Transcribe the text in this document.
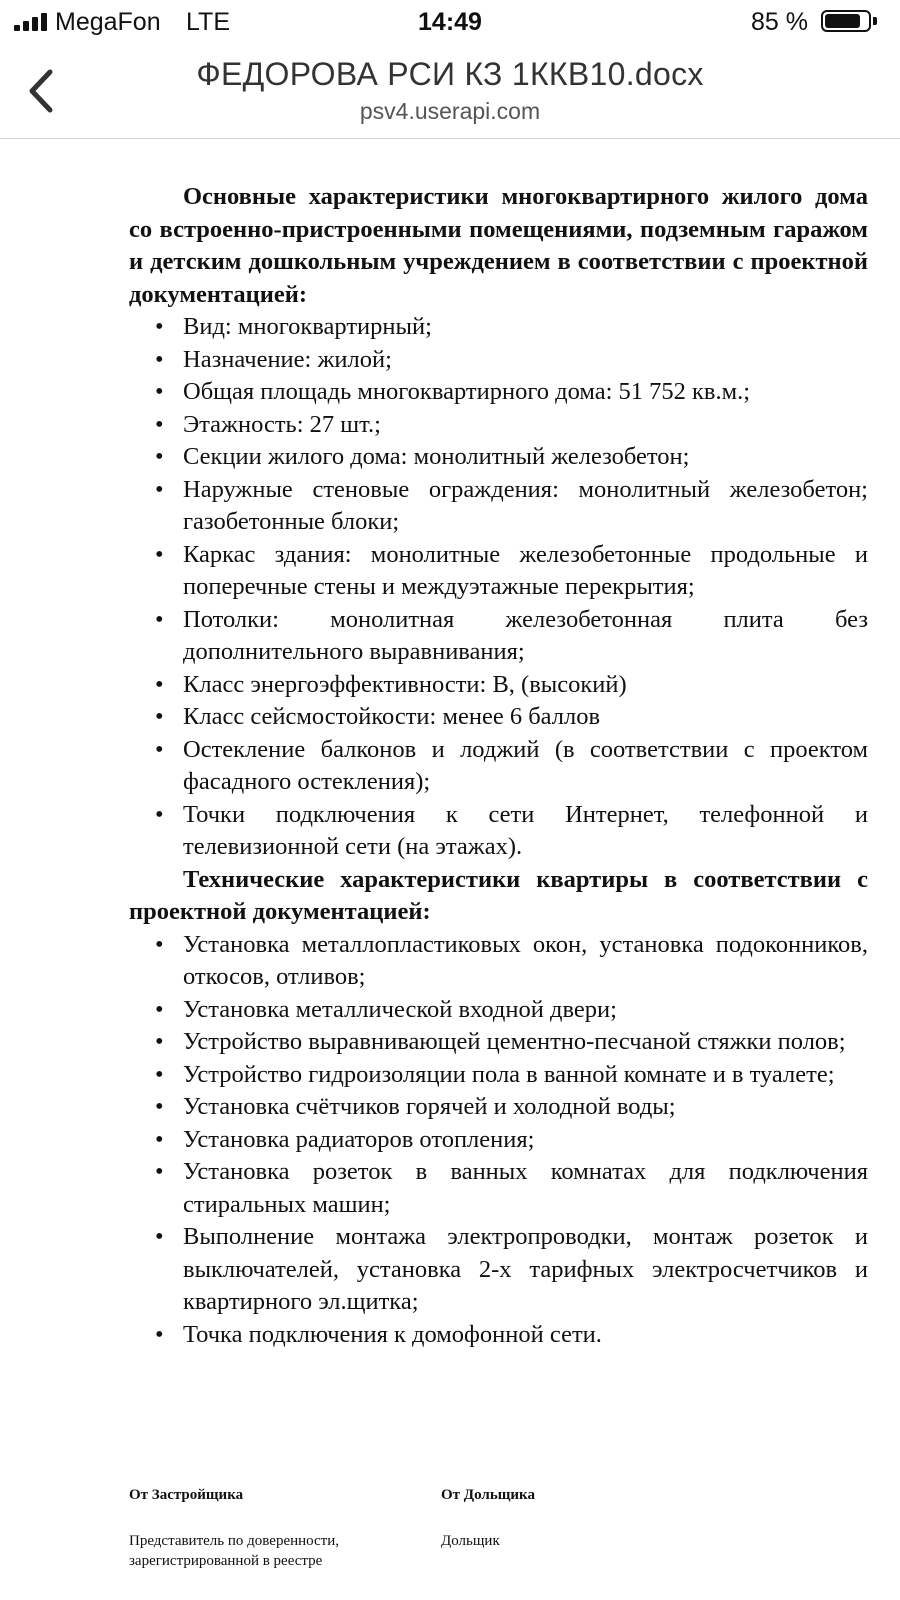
MegaFon LTE	14:49	85 %
ФЕДОРОВА РСИ КЗ 1ККВ10.docx
psv4.userapi.com

Основные характеристики многоквартирного жилого дома со встроенно-пристроенными помещениями, подземным гаражом и детским дошкольным учреждением в соответствии с проектной документацией:

• Вид: многоквартирный;
• Назначение: жилой;
• Общая площадь многоквартирного дома: 51 752 кв.м.;
• Этажность: 27 шт.;
• Секции жилого дома: монолитный железобетон;
• Наружные стеновые ограждения: монолитный железобетон; газобетонные блоки;
• Каркас здания: монолитные железобетонные продольные и поперечные стены и междуэтажные перекрытия;
• Потолки: монолитная железобетонная плита без дополнительного выравнивания;
• Класс энергоэффективности: В, (высокий)
• Класс сейсмостойкости: менее 6 баллов
• Остекление балконов и лоджий (в соответствии с проектом фасадного остекления);
• Точки подключения к сети Интернет, телефонной и телевизионной сети (на этажах).

Технические характеристики квартиры в соответствии с проектной документацией:

• Установка металлопластиковых окон, установка подоконников, откосов, отливов;
• Установка металлической входной двери;
• Устройство выравнивающей цементно-песчаной стяжки полов;
• Устройство гидроизоляции пола в ванной комнате и в туалете;
• Установка счётчиков горячей и холодной воды;
• Установка радиаторов отопления;
• Установка розеток в ванных комнатах для подключения стиральных машин;
• Выполнение монтажа электропроводки, монтаж розеток и выключателей, установка 2-х тарифных электросчетчиков и квартирного эл.щитка;
• Точка подключения к домофонной сети.
От Застройщика
Представитель по доверенности, зарегистрированной в реестре
От Дольщика
Дольщик
